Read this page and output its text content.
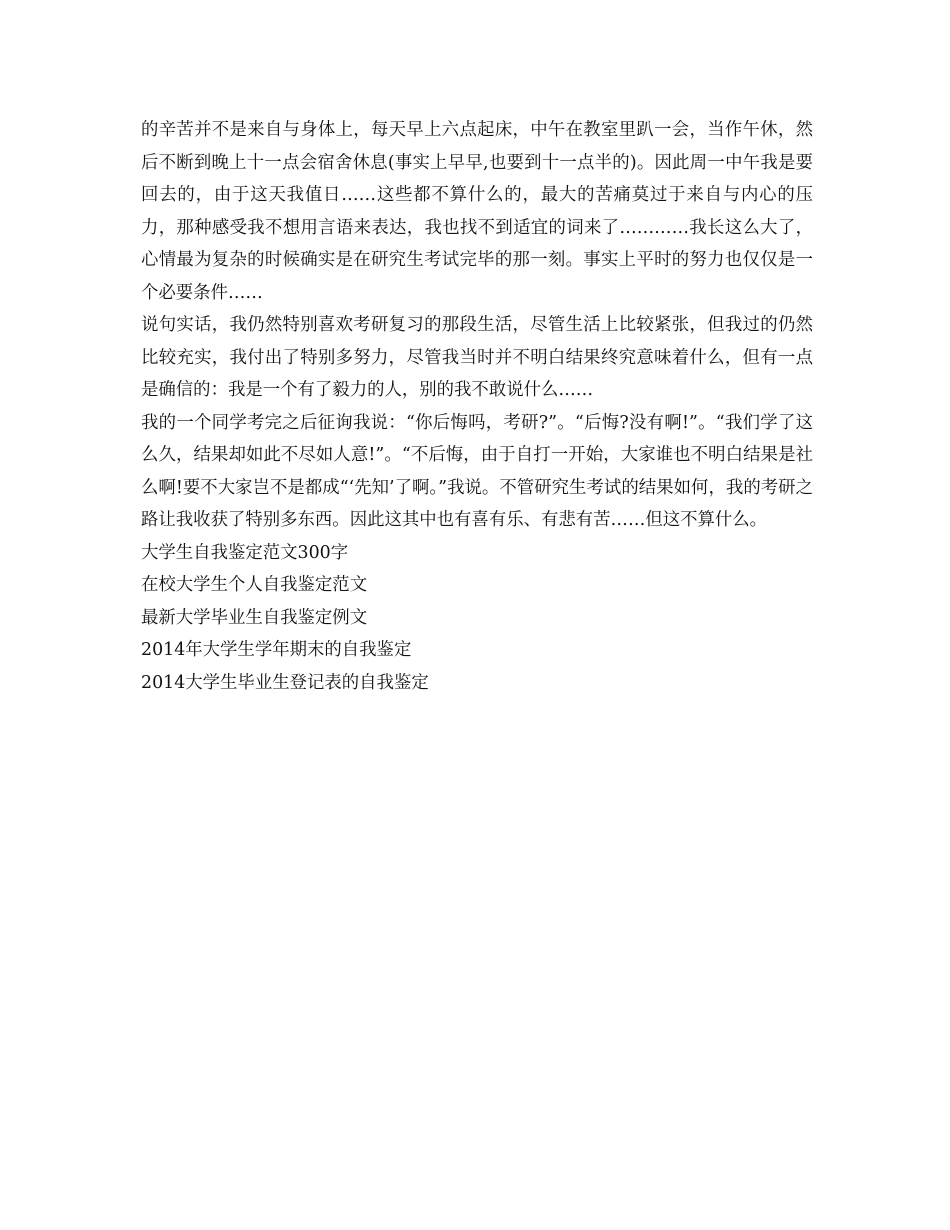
的辛苦并不是来自与身体上，每天早上六点起床，中午在教室里趴一会，当作午休，然后不断到晚上十一点会宿舍休息(事实上早早,也要到十一点半的)。因此周一中午我是要回去的，由于这天我值日……这些都不算什么的，最大的苦痛莫过于来自与内心的压力，那种感受我不想用言语来表达，我也找不到适宜的词来了…………我长这么大了，心情最为复杂的时候确实是在研究生考试完毕的那一刻。事实上平时的努力也仅仅是一个必要条件……

说句实话，我仍然特别喜欢考研复习的那段生活，尽管生活上比较紧张，但我过的仍然比较充实，我付出了特别多努力，尽管我当时并不明白结果终究意味着什么，但有一点是确信的：我是一个有了毅力的人，别的我不敢说什么……

我的一个同学考完之后征询我说：“你后悔吗，考研?”。“后悔?没有啊!”。“我们学了这么久，结果却如此不尽如人意!”。“不后悔，由于自打一开始，大家谁也不明白结果是社么啊!要不大家岂不是都成“‘先知’了啊。”我说。不管研究生考试的结果如何，我的考研之路让我收获了特别多东西。因此这其中也有喜有乐、有悲有苦……但这不算什么。

大学生自我鉴定范文300字
在校大学生个人自我鉴定范文
最新大学毕业生自我鉴定例文
2014年大学生学年期末的自我鉴定
2014大学生毕业生登记表的自我鉴定
